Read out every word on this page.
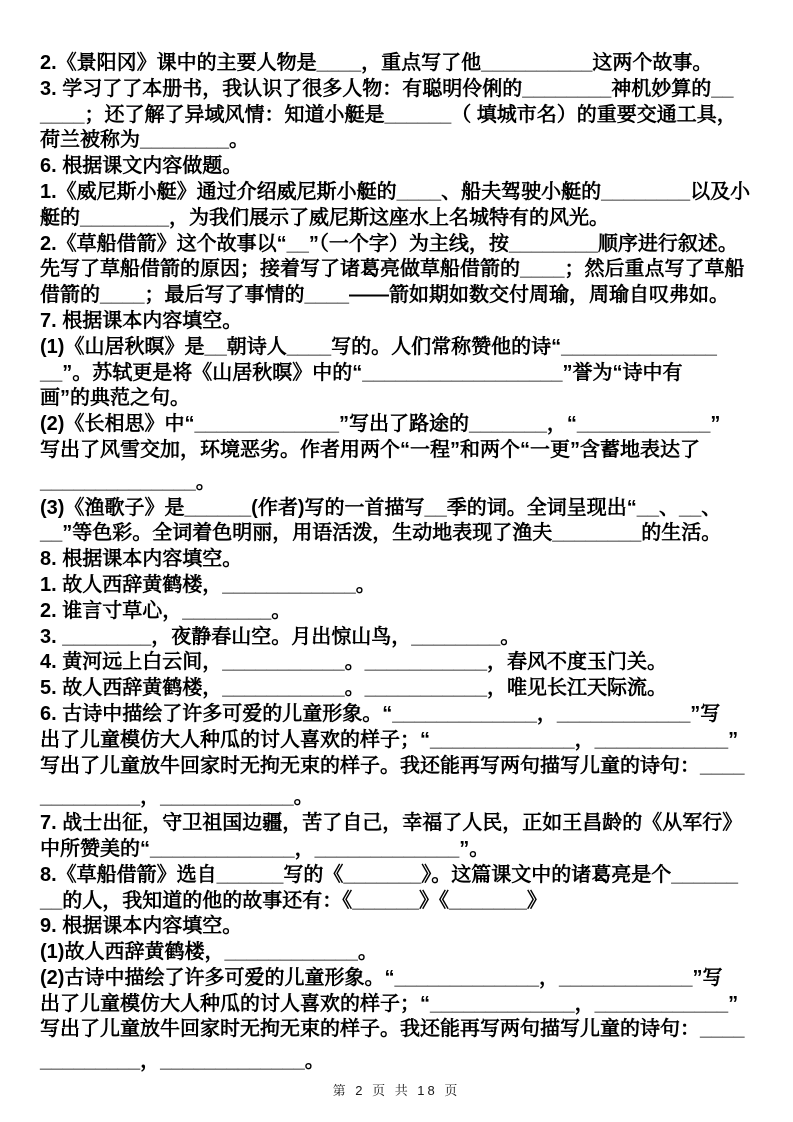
2.《景阳冈》课中的主要人物是____，重点写了他__________这两个故事。
3. 学习了了本册书，我认识了很多人物：有聪明伶俐的________神机妙算的__
____；还了解了异域风情：知道小艇是______（ 填城市名）的重要交通工具，
荷兰被称为________。
6. 根据课文内容做题。
1.《威尼斯小艇》通过介绍威尼斯小艇的____、船夫驾驶小艇的________以及小
艇的________，为我们展示了威尼斯这座水上名城特有的风光。
2.《草船借箭》这个故事以“__”（一个字）为主线，按________顺序进行叙述。
先写了草船借箭的原因；接着写了诸葛亮做草船借箭的____；然后重点写了草船
借箭的____；最后写了事情的____——箭如期如数交付周瑜，周瑜自叹弗如。
7. 根据课本内容填空。
(1)《山居秋暝》是__朝诗人____写的。人们常称赞他的诗“______________
__”。苏轼更是将《山居秋暝》中的“__________________”誉为“诗中有
画”的典范之句。
(2)《长相思》中“_____________”写出了路途的_______，“____________”
写出了风雪交加，环境恶劣。作者用两个“一程”和两个“一更”含蓄地表达了
______________。
(3)《渔歌子》是______(作者)写的一首描写__季的词。全词呈现出“__、__、
__”等色彩。全词着色明丽，用语活泼，生动地表现了渔夫________的生活。
8. 根据课本内容填空。
1. 故人西辞黄鹤楼，____________。
2. 谁言寸草心，________。
3. ________，夜静春山空。月出惊山鸟，________。
4. 黄河远上白云间，___________。___________，春风不度玉门关。
5. 故人西辞黄鹤楼，___________。___________，唯见长江天际流。
6. 古诗中描绘了许多可爱的儿童形象。“_____________，____________”写
出了儿童模仿大人种瓜的讨人喜欢的样子；“_____________，____________”
写出了儿童放牛回家时无拘无束的样子。我还能再写两句描写儿童的诗句：____
_________，____________。
7. 战士出征，守卫祖国边疆，苦了自己，幸福了人民，正如王昌龄的《从军行》
中所赞美的“_____________，_____________”。
8.《草船借箭》选自______写的《_______》。这篇课文中的诸葛亮是个______
__的人，我知道的他的故事还有：《______》《_______》
9. 根据课本内容填空。
(1)故人西辞黄鹤楼，____________。
(2)古诗中描绘了许多可爱的儿童形象。“_____________，____________”写
出了儿童模仿大人种瓜的讨人喜欢的样子；“_____________，____________”
写出了儿童放牛回家时无拘无束的样子。我还能再写两句描写儿童的诗句：____
_________，_____________。
第 2 页 共 18 页
